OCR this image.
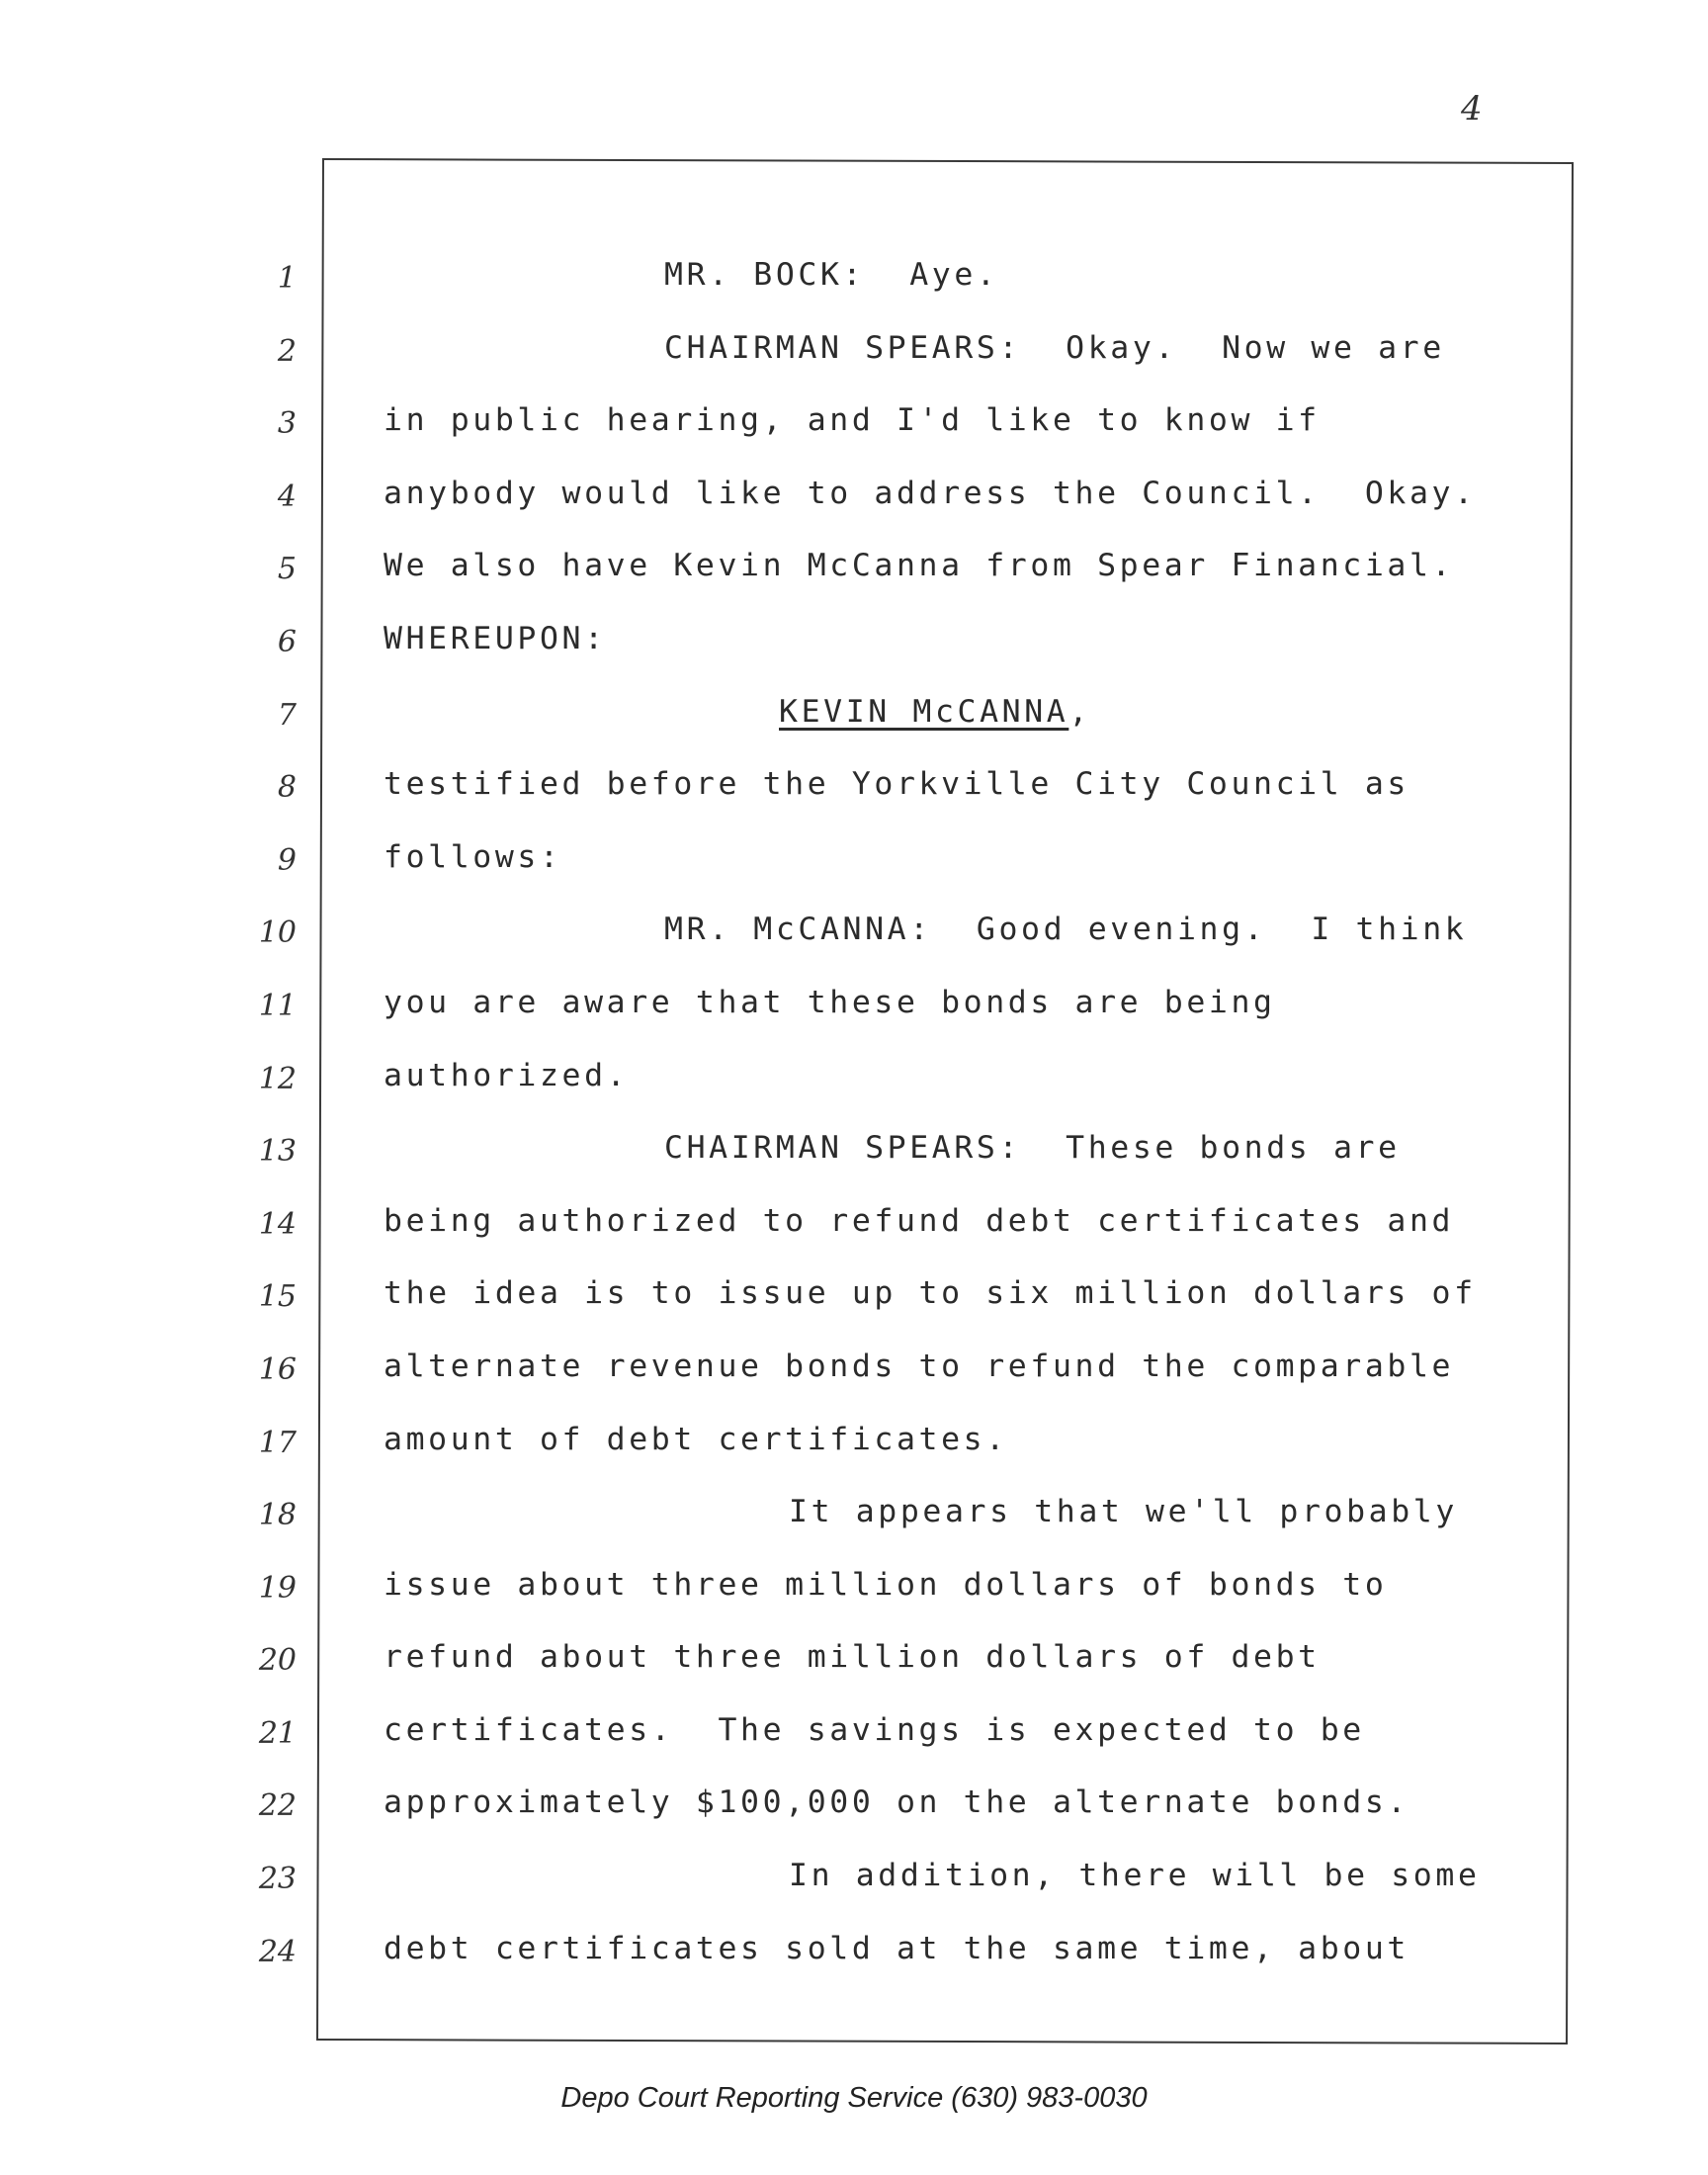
4
1
2
3
4
5
6
7
8
9
10
11
12
13
14
15
16
17
18
19
20
21
22
23
24
MR. BOCK:  Aye.
CHAIRMAN SPEARS:  Okay.  Now we are
in public hearing, and I'd like to know if
anybody would like to address the Council.  Okay.
We also have Kevin McCanna from Spear Financial.
WHEREUPON:
KEVIN McCANNA,
testified before the Yorkville City Council as
follows:
MR. McCANNA:  Good evening.  I think
you are aware that these bonds are being
authorized.
CHAIRMAN SPEARS:  These bonds are
being authorized to refund debt certificates and
the idea is to issue up to six million dollars of
alternate revenue bonds to refund the comparable
amount of debt certificates.
It appears that we'll probably
issue about three million dollars of bonds to
refund about three million dollars of debt
certificates.  The savings is expected to be
approximately $100,000 on the alternate bonds.
In addition, there will be some
debt certificates sold at the same time, about
Depo Court Reporting Service (630) 983-0030
